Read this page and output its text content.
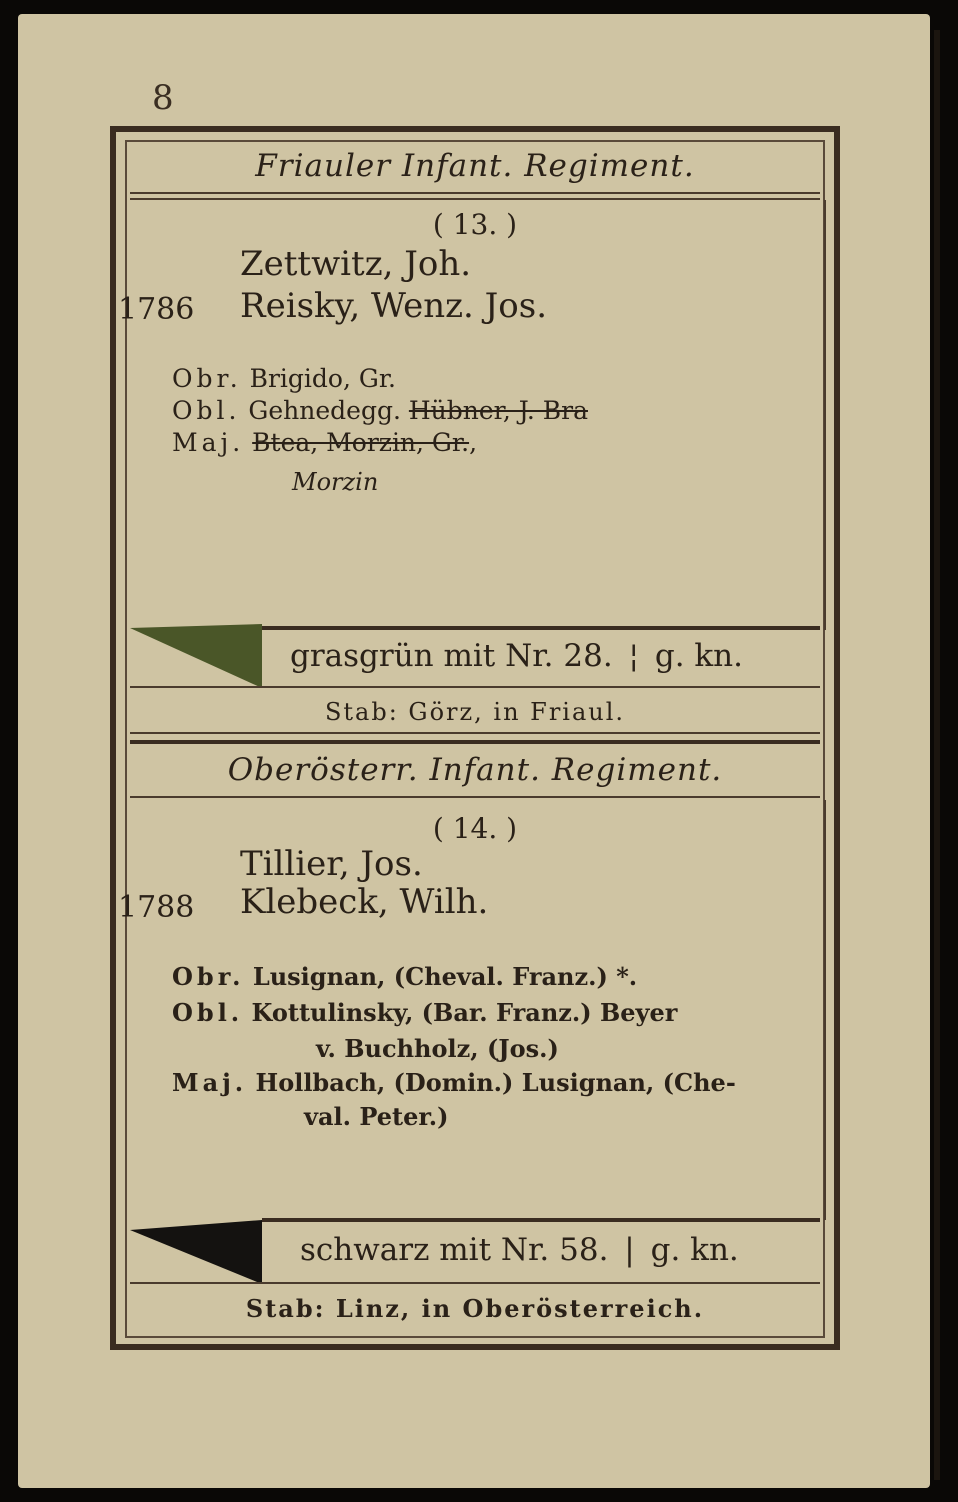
8
Friauler Infant. Regiment.
( 13. )
Zettwitz, Joh.
1786 Reisky, Wenz. Jos.
Obr. Brigido, Gr.
Obl. Gehnedegg. Hübner, J. Bra
Maj. Btea, Morzin, Gr.,
Morzin
grasgrün mit Nr. 28. ¦ g. kn.
Stab: Görz, in Friaul.
Oberösterr. Infant. Regiment.
( 14. )
Tillier, Jos.
1788 Klebeck, Wilh.
Obr. Lusignan, (Cheval. Franz.) *.
Obl. Kottulinsky, (Bar. Franz.) Beyer
v. Buchholz, (Jos.)
Maj. Hollbach, (Domin.) Lusignan, (Che-
val. Peter.)
schwarz mit Nr. 58. | g. kn.
Stab: Linz, in Oberösterreich.
